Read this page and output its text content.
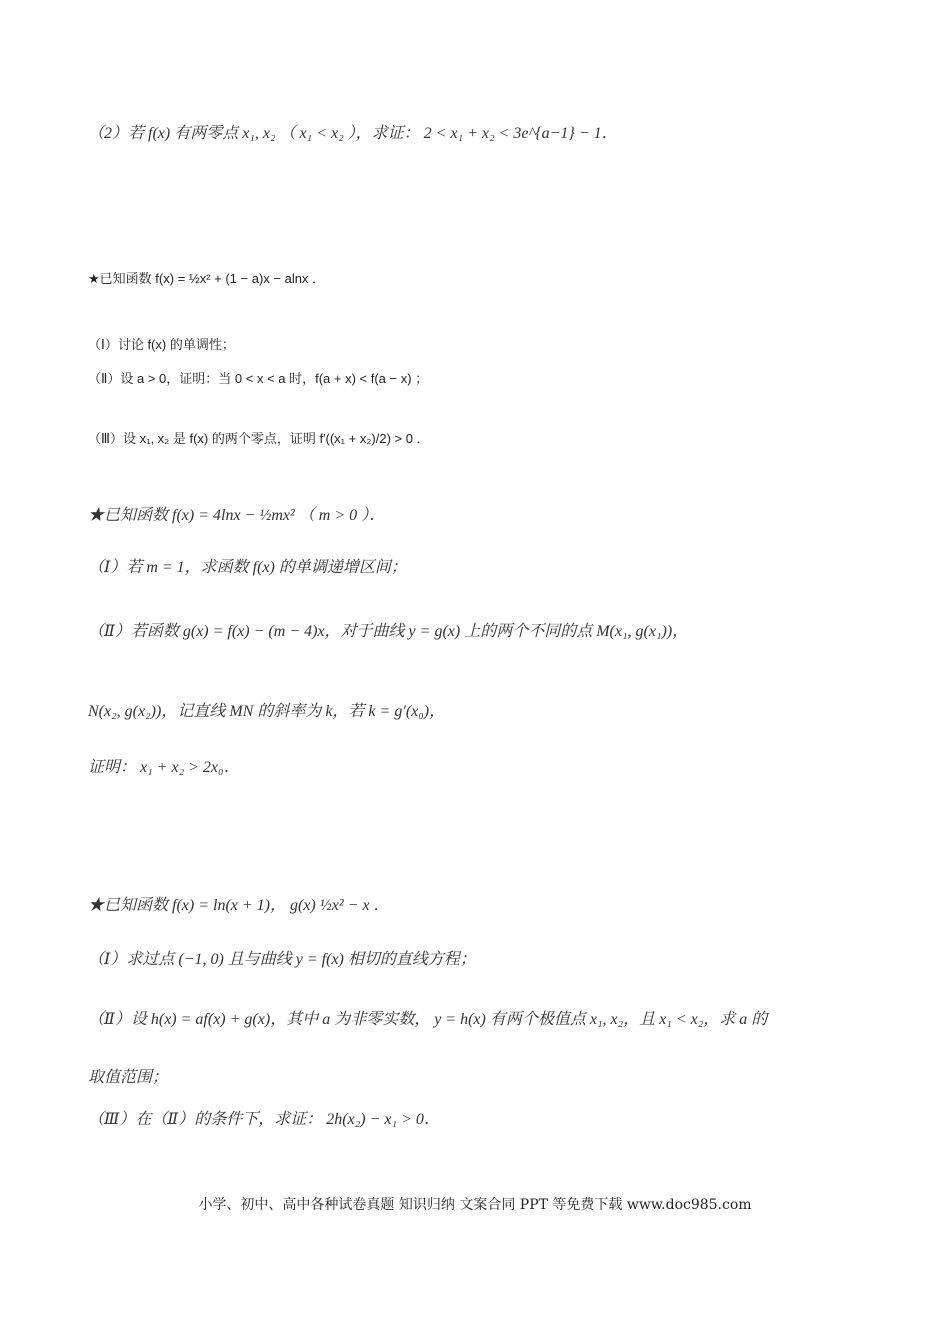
（2）若 f(x) 有两零点 x₁, x₂ （ x₁ < x₂ ），求证： 2 < x₁ + x₂ < 3e^{a−1} − 1．
★已知函数 f(x) = ½x² + (1 − a)x − alnx ．
（Ⅰ）讨论 f(x) 的单调性；
（Ⅱ）设 a > 0，证明：当 0 < x < a 时，f(a + x) < f(a − x) ；
（Ⅲ）设 x₁, x₂ 是 f(x) 的两个零点，证明 f′((x₁ + x₂)/2) > 0 ．
★已知函数 f(x) = 4lnx − ½mx² （ m > 0 ）．
（Ⅰ）若 m = 1，求函数 f(x) 的单调递增区间；
（Ⅱ）若函数 g(x) = f(x) − (m − 4)x，对于曲线 y = g(x) 上的两个不同的点 M(x₁, g(x₁))，
N(x₂, g(x₂))，记直线 MN 的斜率为 k，若 k = g′(x₀)，
证明： x₁ + x₂ > 2x₀．
★已知函数 f(x) = ln(x + 1)， g(x) ½x² − x ．
（Ⅰ）求过点 (−1, 0) 且与曲线 y = f(x) 相切的直线方程；
（Ⅱ）设 h(x) = af(x) + g(x)，其中 a 为非零实数， y = h(x) 有两个极值点 x₁, x₂，且 x₁ < x₂，求 a 的
取值范围；
（Ⅲ）在（Ⅱ）的条件下，求证： 2h(x₂) − x₁ > 0．
小学、初中、高中各种试卷真题 知识归纳 文案合同 PPT 等免费下载 www.doc985.com
